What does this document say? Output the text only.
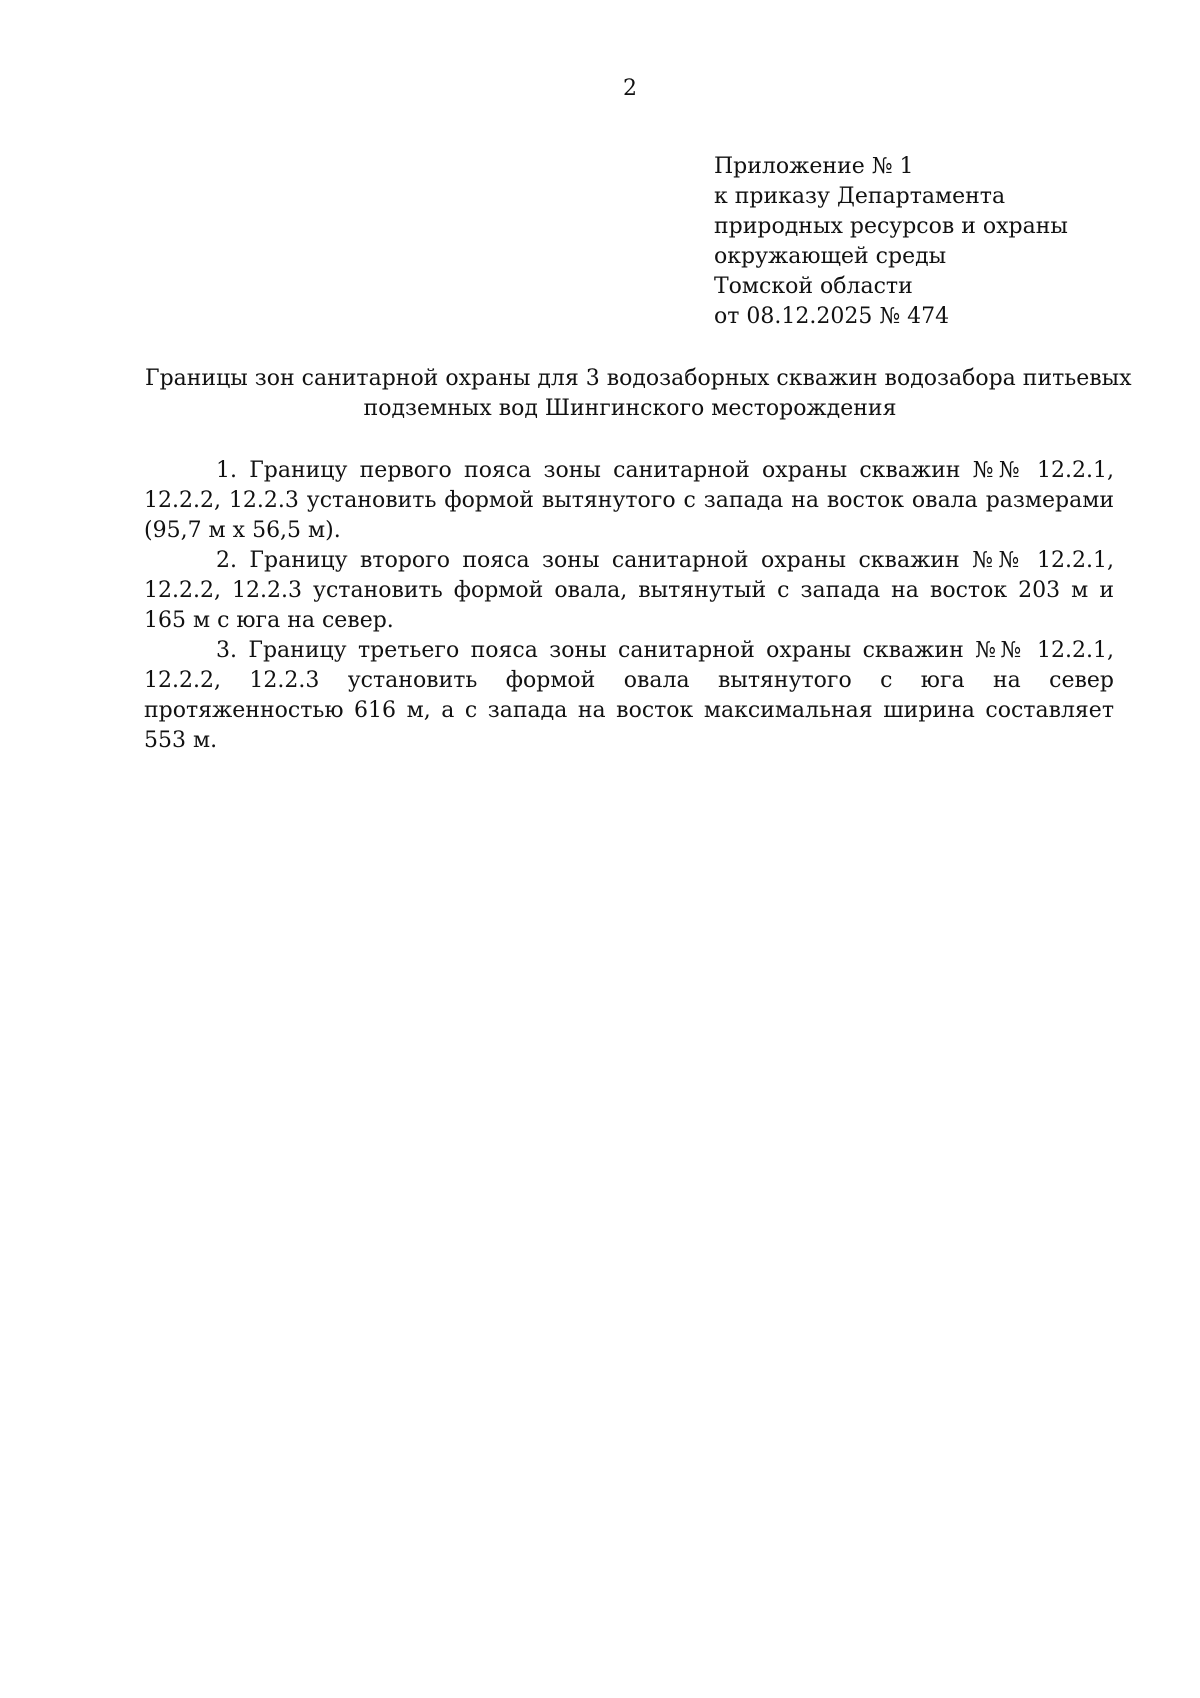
2
Приложение № 1
к приказу Департамента
природных ресурсов и охраны
окружающей среды
Томской области
от 08.12.2025 № 474
Границы зон санитарной охраны для 3 водозаборных скважин водозабора питьевых
подземных вод Шингинского месторождения

1. Границу первого пояса зоны санитарной охраны скважин №№ 12.2.1, 12.2.2, 12.2.3 установить формой вытянутого с запада на восток овала размерами (95,7 м х 56,5 м).

2. Границу второго пояса зоны санитарной охраны скважин №№ 12.2.1, 12.2.2, 12.2.3 установить формой овала, вытянутый с запада на восток 203 м и 165 м с юга на север.

3. Границу третьего пояса зоны санитарной охраны скважин №№ 12.2.1, 12.2.2, 12.2.3 установить формой овала вытянутого с юга на север протяженностью 616 м, а с запада на восток максимальная ширина составляет 553 м.
